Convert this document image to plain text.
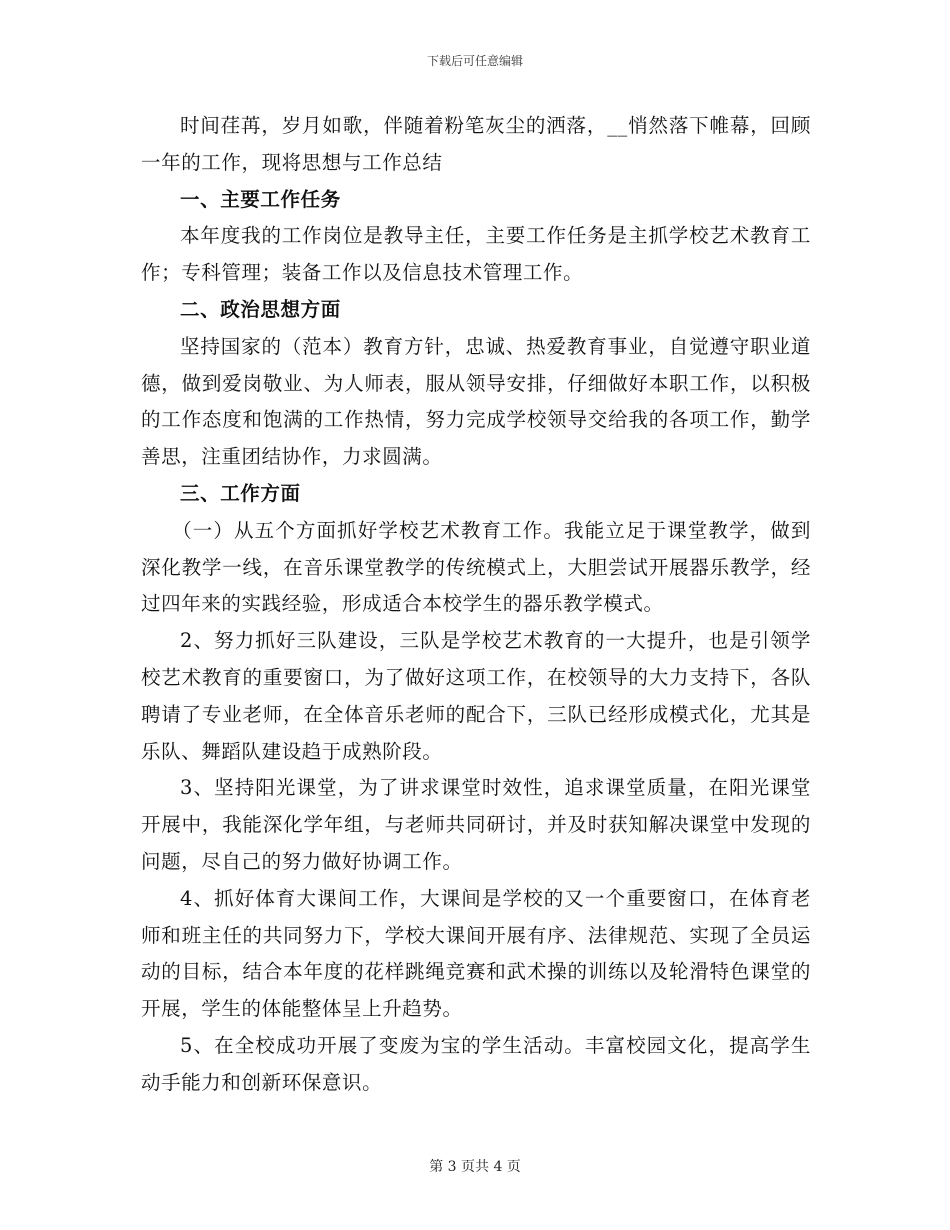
下载后可任意编辑

时间荏苒，岁月如歌，伴随着粉笔灰尘的洒落，__悄然落下帷幕，回顾一年的工作，现将思想与工作总结

一、主要工作任务

本年度我的工作岗位是教导主任，主要工作任务是主抓学校艺术教育工作；专科管理；装备工作以及信息技术管理工作。

二、政治思想方面

坚持国家的（范本）教育方针，忠诚、热爱教育事业，自觉遵守职业道德，做到爱岗敬业、为人师表，服从领导安排，仔细做好本职工作，以积极的工作态度和饱满的工作热情，努力完成学校领导交给我的各项工作，勤学善思，注重团结协作，力求圆满。

三、工作方面

（一）从五个方面抓好学校艺术教育工作。我能立足于课堂教学，做到深化教学一线，在音乐课堂教学的传统模式上，大胆尝试开展器乐教学，经过四年来的实践经验，形成适合本校学生的器乐教学模式。

2、努力抓好三队建设，三队是学校艺术教育的一大提升，也是引领学校艺术教育的重要窗口，为了做好这项工作，在校领导的大力支持下，各队聘请了专业老师，在全体音乐老师的配合下，三队已经形成模式化，尤其是乐队、舞蹈队建设趋于成熟阶段。

3、坚持阳光课堂，为了讲求课堂时效性，追求课堂质量，在阳光课堂开展中，我能深化学年组，与老师共同研讨，并及时获知解决课堂中发现的问题，尽自己的努力做好协调工作。

4、抓好体育大课间工作，大课间是学校的又一个重要窗口，在体育老师和班主任的共同努力下，学校大课间开展有序、法律规范、实现了全员运动的目标，结合本年度的花样跳绳竞赛和武术操的训练以及轮滑特色课堂的开展，学生的体能整体呈上升趋势。

5、在全校成功开展了变废为宝的学生活动。丰富校园文化，提高学生动手能力和创新环保意识。

第 3 页共 4 页
